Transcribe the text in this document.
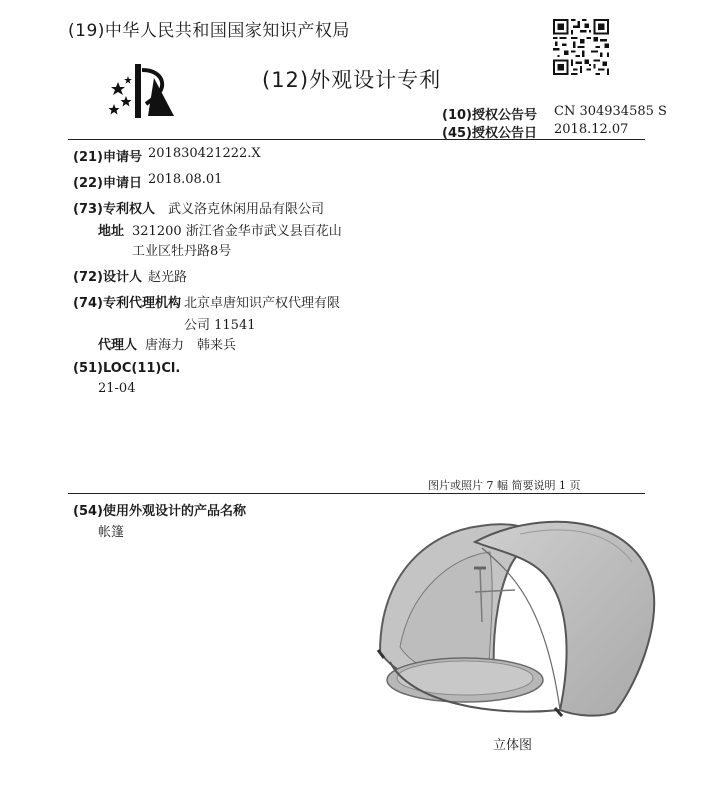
(19)中华人民共和国国家知识产权局
(12)外观设计专利
(10)授权公告号 CN 304934585 S
(45)授权公告日 2018.12.07
(21)申请号 201830421222.X
(22)申请日 2018.08.01
(73)专利权人 武义洛克休闲用品有限公司
地址 321200 浙江省金华市武义县百花山
工业区牡丹路8号
(72)设计人 赵光路
(74)专利代理机构 北京卓唐知识产权代理有限
公司 11541
代理人 唐海力　韩来兵
(51)LOC(11)Cl.
21-04
图片或照片 7 幅 简要说明 1 页
(54)使用外观设计的产品名称
帐篷
立体图
